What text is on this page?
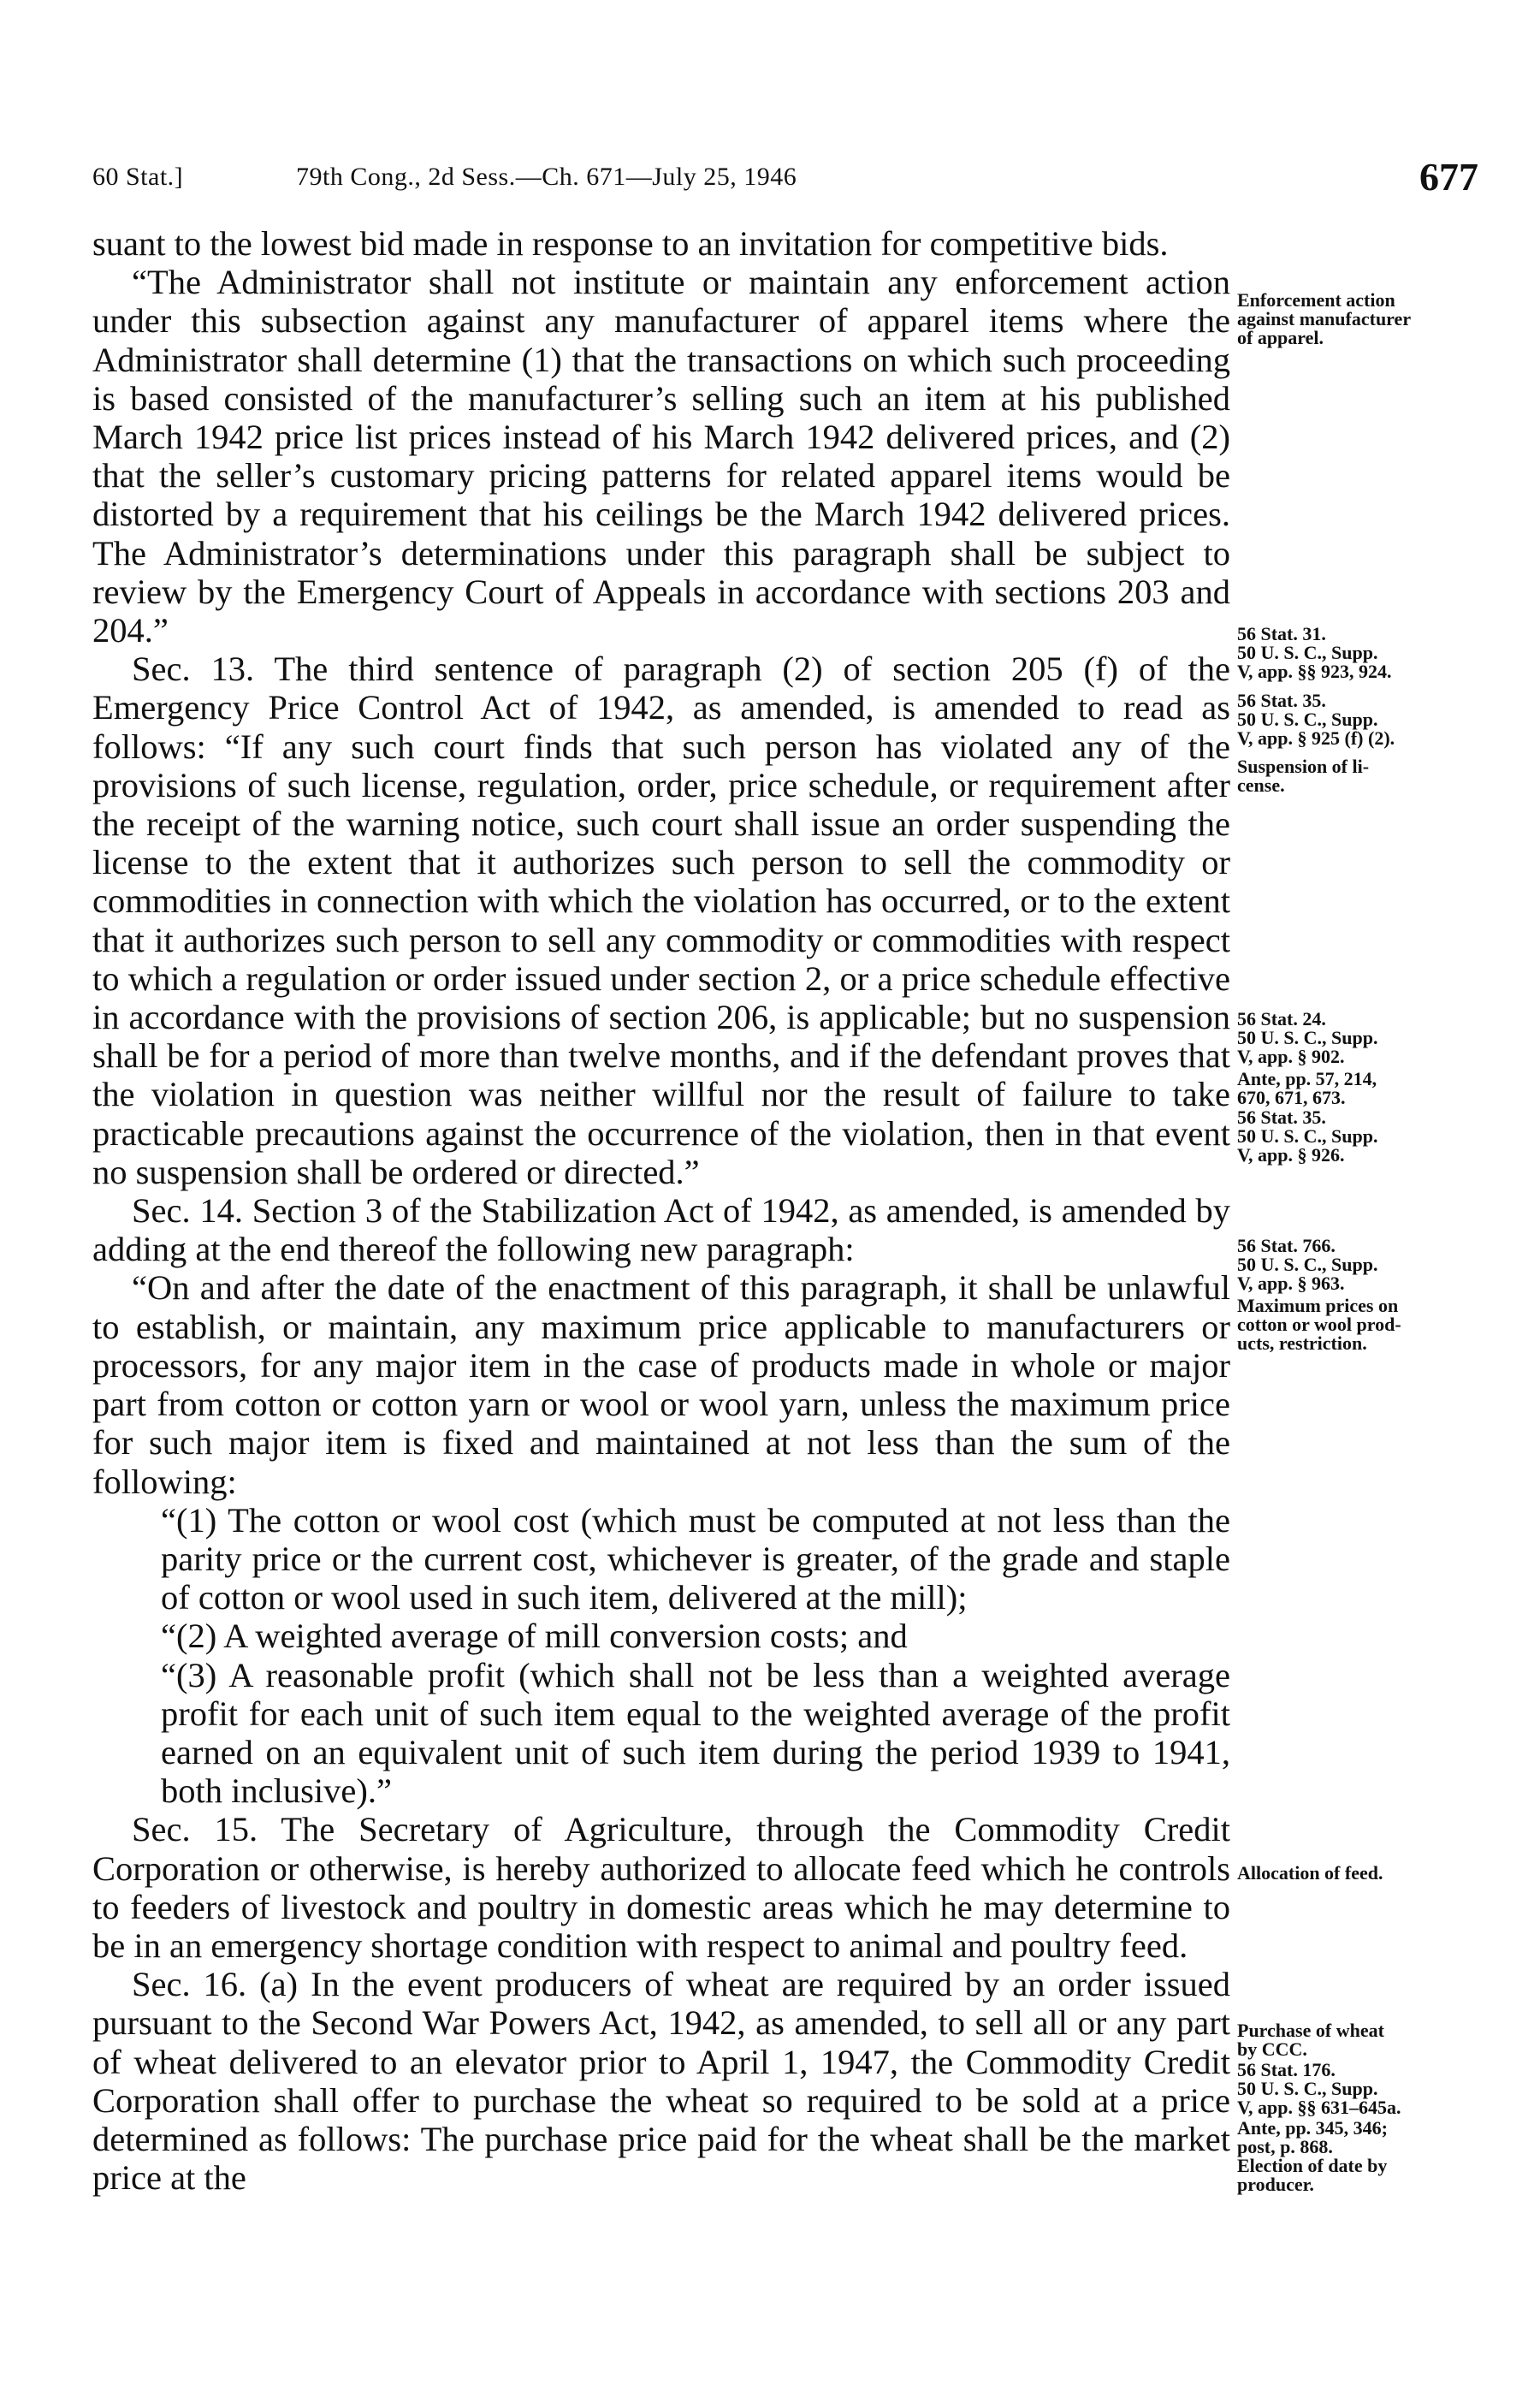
60 Stat.]	79th Cong., 2d Sess.—Ch. 671—July 25, 1946	677

suant to the lowest bid made in response to an invitation for competitive bids.

“The Administrator shall not institute or maintain any enforcement action under this subsection against any manufacturer of apparel items where the Administrator shall determine (1) that the transactions on which such proceeding is based consisted of the manufacturer’s selling such an item at his published March 1942 price list prices instead of his March 1942 delivered prices, and (2) that the seller’s customary pricing patterns for related apparel items would be distorted by a requirement that his ceilings be the March 1942 delivered prices. The Administrator’s determinations under this paragraph shall be subject to review by the Emergency Court of Appeals in accordance with sections 203 and 204.”

Sec. 13. The third sentence of paragraph (2) of section 205 (f) of the Emergency Price Control Act of 1942, as amended, is amended to read as follows: “If any such court finds that such person has violated any of the provisions of such license, regulation, order, price schedule, or requirement after the receipt of the warning notice, such court shall issue an order suspending the license to the extent that it authorizes such person to sell the commodity or commodities in connection with which the violation has occurred, or to the extent that it authorizes such person to sell any commodity or commodities with respect to which a regulation or order issued under section 2, or a price schedule effective in accordance with the provisions of section 206, is applicable; but no suspension shall be for a period of more than twelve months, and if the defendant proves that the violation in question was neither willful nor the result of failure to take practicable precautions against the occurrence of the violation, then in that event no suspension shall be ordered or directed.”

Sec. 14. Section 3 of the Stabilization Act of 1942, as amended, is amended by adding at the end thereof the following new paragraph:

“On and after the date of the enactment of this paragraph, it shall be unlawful to establish, or maintain, any maximum price applicable to manufacturers or processors, for any major item in the case of products made in whole or major part from cotton or cotton yarn or wool or wool yarn, unless the maximum price for such major item is fixed and maintained at not less than the sum of the following:

“(1) The cotton or wool cost (which must be computed at not less than the parity price or the current cost, whichever is greater, of the grade and staple of cotton or wool used in such item, delivered at the mill);

“(2) A weighted average of mill conversion costs; and

“(3) A reasonable profit (which shall not be less than a weighted average profit for each unit of such item equal to the weighted average of the profit earned on an equivalent unit of such item during the period 1939 to 1941, both inclusive).”

Sec. 15. The Secretary of Agriculture, through the Commodity Credit Corporation or otherwise, is hereby authorized to allocate feed which he controls to feeders of livestock and poultry in domestic areas which he may determine to be in an emergency shortage condition with respect to animal and poultry feed.

Sec. 16. (a) In the event producers of wheat are required by an order issued pursuant to the Second War Powers Act, 1942, as amended, to sell all or any part of wheat delivered to an elevator prior to April 1, 1947, the Commodity Credit Corporation shall offer to purchase the wheat so required to be sold at a price determined as follows: The purchase price paid for the wheat shall be the market price at the

Enforcement action
against manufacturer
of apparel.
56 Stat. 31.
50 U. S. C., Supp.
V, app. §§ 923, 924.
56 Stat. 35.
50 U. S. C., Supp.
V, app. § 925 (f) (2).
Suspension of li-
cense.
56 Stat. 24.
50 U. S. C., Supp.
V, app. § 902.
Ante, pp. 57, 214,
670, 671, 673.
56 Stat. 35.
50 U. S. C., Supp.
V, app. § 926.
56 Stat. 766.
50 U. S. C., Supp.
V, app. § 963.
Maximum prices on
cotton or wool prod-
ucts, restriction.
Allocation of feed.
Purchase of wheat
by CCC.
56 Stat. 176.
50 U. S. C., Supp.
V, app. §§ 631–645a.
Ante, pp. 345, 346;
post, p. 868.
Election of date by
producer.
